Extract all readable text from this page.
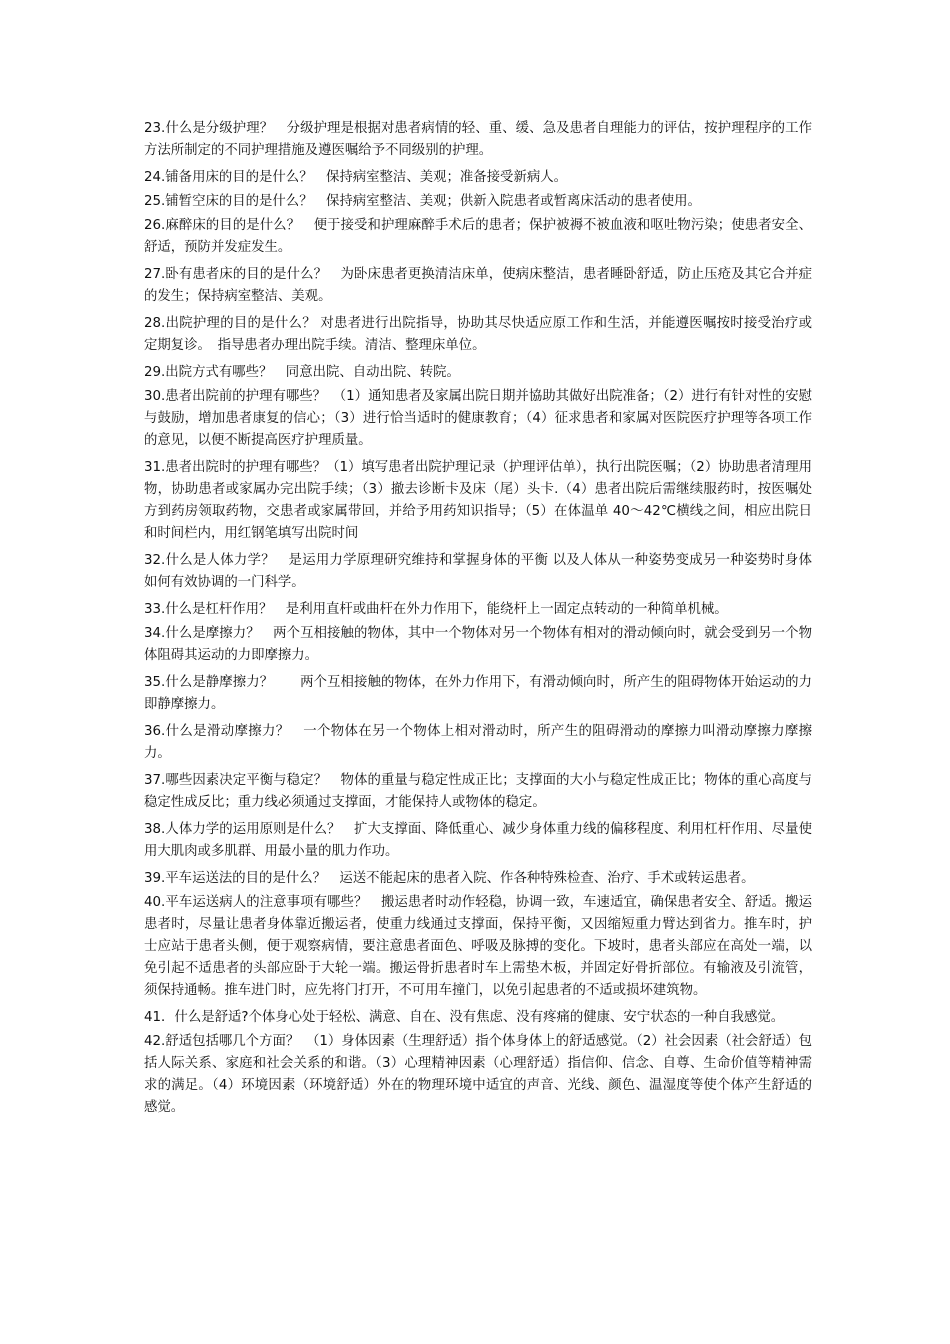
23.什么是分级护理？　分级护理是根据对患者病情的轻、重、缓、急及患者自理能力的评估，按护理程序的工作方法所制定的不同护理措施及遵医嘱给予不同级别的护理。

24.铺备用床的目的是什么？　保持病室整洁、美观；准备接受新病人。

25.铺暂空床的目的是什么？　保持病室整洁、美观；供新入院患者或暂离床活动的患者使用。

26.麻醉床的目的是什么？　便于接受和护理麻醉手术后的患者；保护被褥不被血液和呕吐物污染；使患者安全、舒适，预防并发症发生。

27.卧有患者床的目的是什么？　为卧床患者更换清洁床单，使病床整洁，患者睡卧舒适，防止压疮及其它合并症的发生；保持病室整洁、美观。

28.出院护理的目的是什么？ 对患者进行出院指导，协助其尽快适应原工作和生活，并能遵医嘱按时接受治疗或定期复诊。　指导患者办理出院手续。清洁、整理床单位。

29.出院方式有哪些？　同意出院、自动出院、转院。

30.患者出院前的护理有哪些？　（1）通知患者及家属出院日期并協助其做好出院准备；（2）进行有针对性的安慰与鼓励，增加患者康复的信心；（3）进行恰当适时的健康教育；（4）征求患者和家属对医院医疗护理等各项工作的意见，以便不断提高医疗护理质量。

31.患者出院时的护理有哪些？（1）填写患者出院护理记录（护理评估单），执行出院医嘱；（2）协助患者清理用物，协助患者或家属办完出院手续；（3）撤去诊断卡及床（尾）头卡.（4）患者出院后需继续服药时，按医嘱处方到药房领取药物，交患者或家属带回，并给予用药知识指导；（5）在体温单 40～42℃横线之间，相应出院日和时间栏内，用红钢笔填写出院时间

32.什么是人体力学？　是运用力学原理研究维持和掌握身体的平衡 以及人体从一种姿势变成另一种姿势时身体如何有效协调的一门科学。

33.什么是杠杆作用？　是利用直杆或曲杆在外力作用下，能绕杆上一固定点转动的一种简单机械。

34.什么是摩擦力？　两个互相接触的物体，其中一个物体对另一个物体有相对的滑动倾向时，就会受到另一个物体阻碍其运动的力即摩擦力。

35.什么是静摩擦力？　　两个互相接触的物体，在外力作用下，有滑动倾向时，所产生的阻碍物体开始运动的力即静摩擦力。

36.什么是滑动摩擦力？　一个物体在另一个物体上相对滑动时，所产生的阻碍滑动的摩擦力叫滑动摩擦力摩擦力。

37.哪些因素决定平衡与稳定？　物体的重量与稳定性成正比；支撑面的大小与稳定性成正比；物体的重心高度与稳定性成反比；重力线必须通过支撑面，才能保持人或物体的稳定。

38.人体力学的运用原则是什么？　扩大支撑面、降低重心、减少身体重力线的偏移程度、利用杠杆作用、尽量使用大肌肉或多肌群、用最小量的肌力作功。

39.平车运送法的目的是什么？　运送不能起床的患者入院、作各种特殊检查、治疗、手术或转运患者。

40.平车运送病人的注意事项有哪些？　搬运患者时动作轻稳，协调一致，车速适宜，确保患者安全、舒适。搬运患者时，尽量让患者身体靠近搬运者，使重力线通过支撑面，保持平衡，又因缩短重力臂达到省力。推车时，护士应站于患者头侧，便于观察病情，要注意患者面色、呼吸及脉搏的变化。下坡时，患者头部应在高处一端，以免引起不适患者的头部应卧于大轮一端。搬运骨折患者时车上需垫木板，并固定好骨折部位。有输液及引流管，须保持通畅。推车进门时，应先将门打开，不可用车撞门，以免引起患者的不适或损坏建筑物。

41．什么是舒适?个体身心处于轻松、满意、自在、没有焦虑、没有疼痛的健康、安宁状态的一种自我感觉。

42.舒适包括哪几个方面？　（1）身体因素（生理舒适）指个体身体上的舒适感觉。（2）社会因素（社会舒适）包括人际关系、家庭和社会关系的和谐。（3）心理精神因素（心理舒适）指信仰、信念、自尊、生命价值等精神需求的满足。（4）环境因素（环境舒适）外在的物理环境中适宜的声音、光线、颜色、温湿度等使个体产生舒适的感觉。
